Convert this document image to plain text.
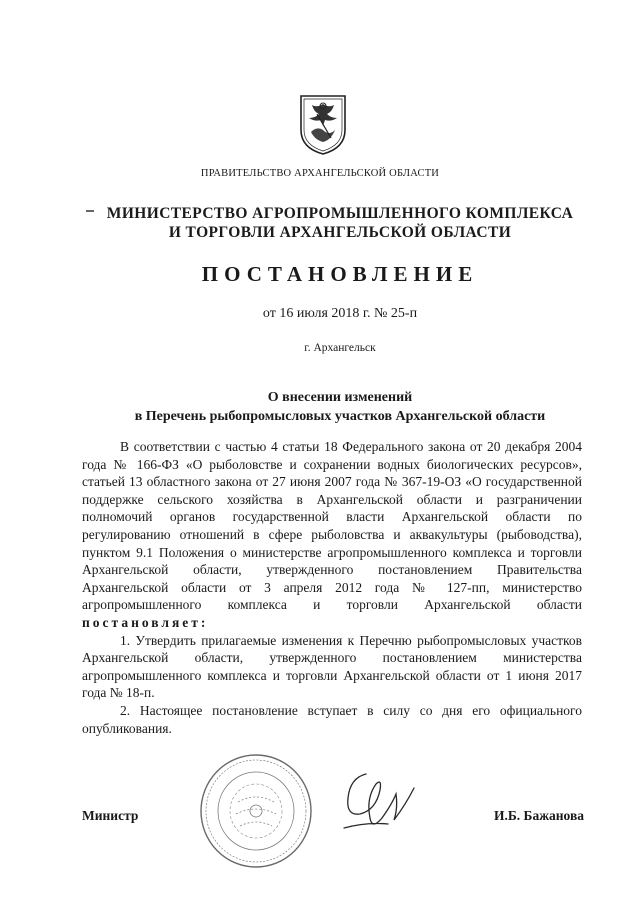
ПРАВИТЕЛЬСТВО АРХАНГЕЛЬСКОЙ ОБЛАСТИ
МИНИСТЕРСТВО АГРОПРОМЫШЛЕННОГО КОМПЛЕКСА
И ТОРГОВЛИ АРХАНГЕЛЬСКОЙ ОБЛАСТИ
ПОСТАНОВЛЕНИЕ
от 16 июля 2018 г. № 25-п
г. Архангельск
О внесении изменений
в Перечень рыбопромысловых участков Архангельской области

В соответствии с частью 4 статьи 18 Федерального закона от 20 декабря 2004 года № 166-ФЗ «О рыболовстве и сохранении водных биологических ресурсов», статьей 13 областного закона от 27 июня 2007 года № 367-19-ОЗ «О государственной поддержке сельского хозяйства в Архангельской области и разграничении полномочий органов государственной власти Архангельской области по регулированию отношений в сфере рыболовства и аквакультуры (рыбоводства), пунктом 9.1 Положения о министерстве агропромышленного комплекса и торговли Архангельской области, утвержденного постановлением Правительства Архангельской области от 3 апреля 2012 года № 127-пп, министерство агропромышленного комплекса и торговли Архангельской области постановляет:

1. Утвердить прилагаемые изменения к Перечню рыбопромысловых участков Архангельской области, утвержденного постановлением министерства агропромышленного комплекса и торговли Архангельской области от 1 июня 2017 года № 18-п.

2. Настоящее постановление вступает в силу со дня его официального опубликования.

Министр	И.Б. Бажанова
